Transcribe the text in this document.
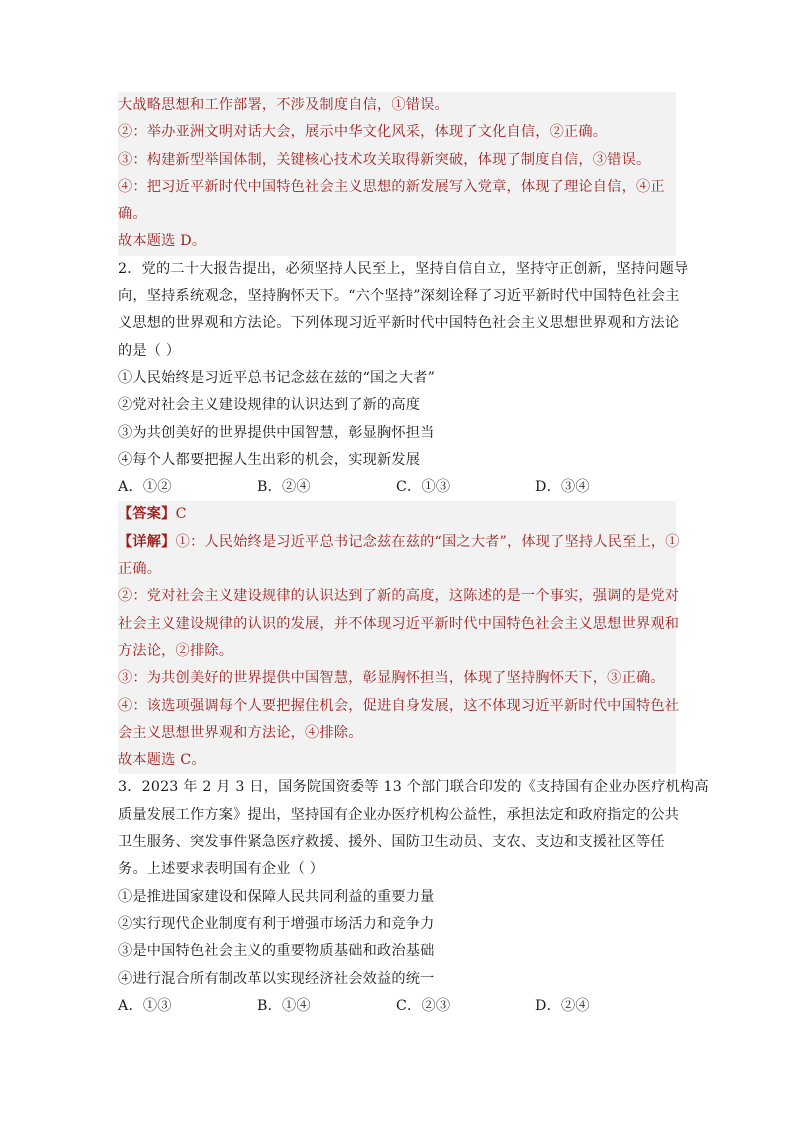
大战略思想和工作部署，不涉及制度自信，①错误。
②：举办亚洲文明对话大会，展示中华文化风采，体现了文化自信，②正确。
③：构建新型举国体制，关键核心技术攻关取得新突破，体现了制度自信，③错误。
④：把习近平新时代中国特色社会主义思想的新发展写入党章，体现了理论自信，④正
确。
故本题选 D。
2．党的二十大报告提出，必须坚持人民至上，坚持自信自立，坚持守正创新，坚持问题导
向，坚持系统观念，坚持胸怀天下。“六个坚持”深刻诠释了习近平新时代中国特色社会主
义思想的世界观和方法论。下列体现习近平新时代中国特色社会主义思想世界观和方法论
的是（ ）
①人民始终是习近平总书记念兹在兹的“国之大者”
②党对社会主义建设规律的认识达到了新的高度
③为共创美好的世界提供中国智慧，彰显胸怀担当
④每个人都要把握人生出彩的机会，实现新发展
A．①②	B．②④	C．①③	D．③④
【答案】C
【详解】①：人民始终是习近平总书记念兹在兹的“国之大者”，体现了坚持人民至上，①
正确。
②：党对社会主义建设规律的认识达到了新的高度，这陈述的是一个事实，强调的是党对
社会主义建设规律的认识的发展，并不体现习近平新时代中国特色社会主义思想世界观和
方法论，②排除。
③：为共创美好的世界提供中国智慧，彰显胸怀担当，体现了坚持胸怀天下，③正确。
④：该选项强调每个人要把握住机会，促进自身发展，这不体现习近平新时代中国特色社
会主义思想世界观和方法论，④排除。
故本题选 C。
3．2023 年 2 月 3 日，国务院国资委等 13 个部门联合印发的《支持国有企业办医疗机构高
质量发展工作方案》提出，坚持国有企业办医疗机构公益性，承担法定和政府指定的公共
卫生服务、突发事件紧急医疗救援、援外、国防卫生动员、支农、支边和支援社区等任
务。上述要求表明国有企业（ ）
①是推进国家建设和保障人民共同利益的重要力量
②实行现代企业制度有利于增强市场活力和竞争力
③是中国特色社会主义的重要物质基础和政治基础
④进行混合所有制改革以实现经济社会效益的统一
A．①③	B．①④	C．②③	D．②④
